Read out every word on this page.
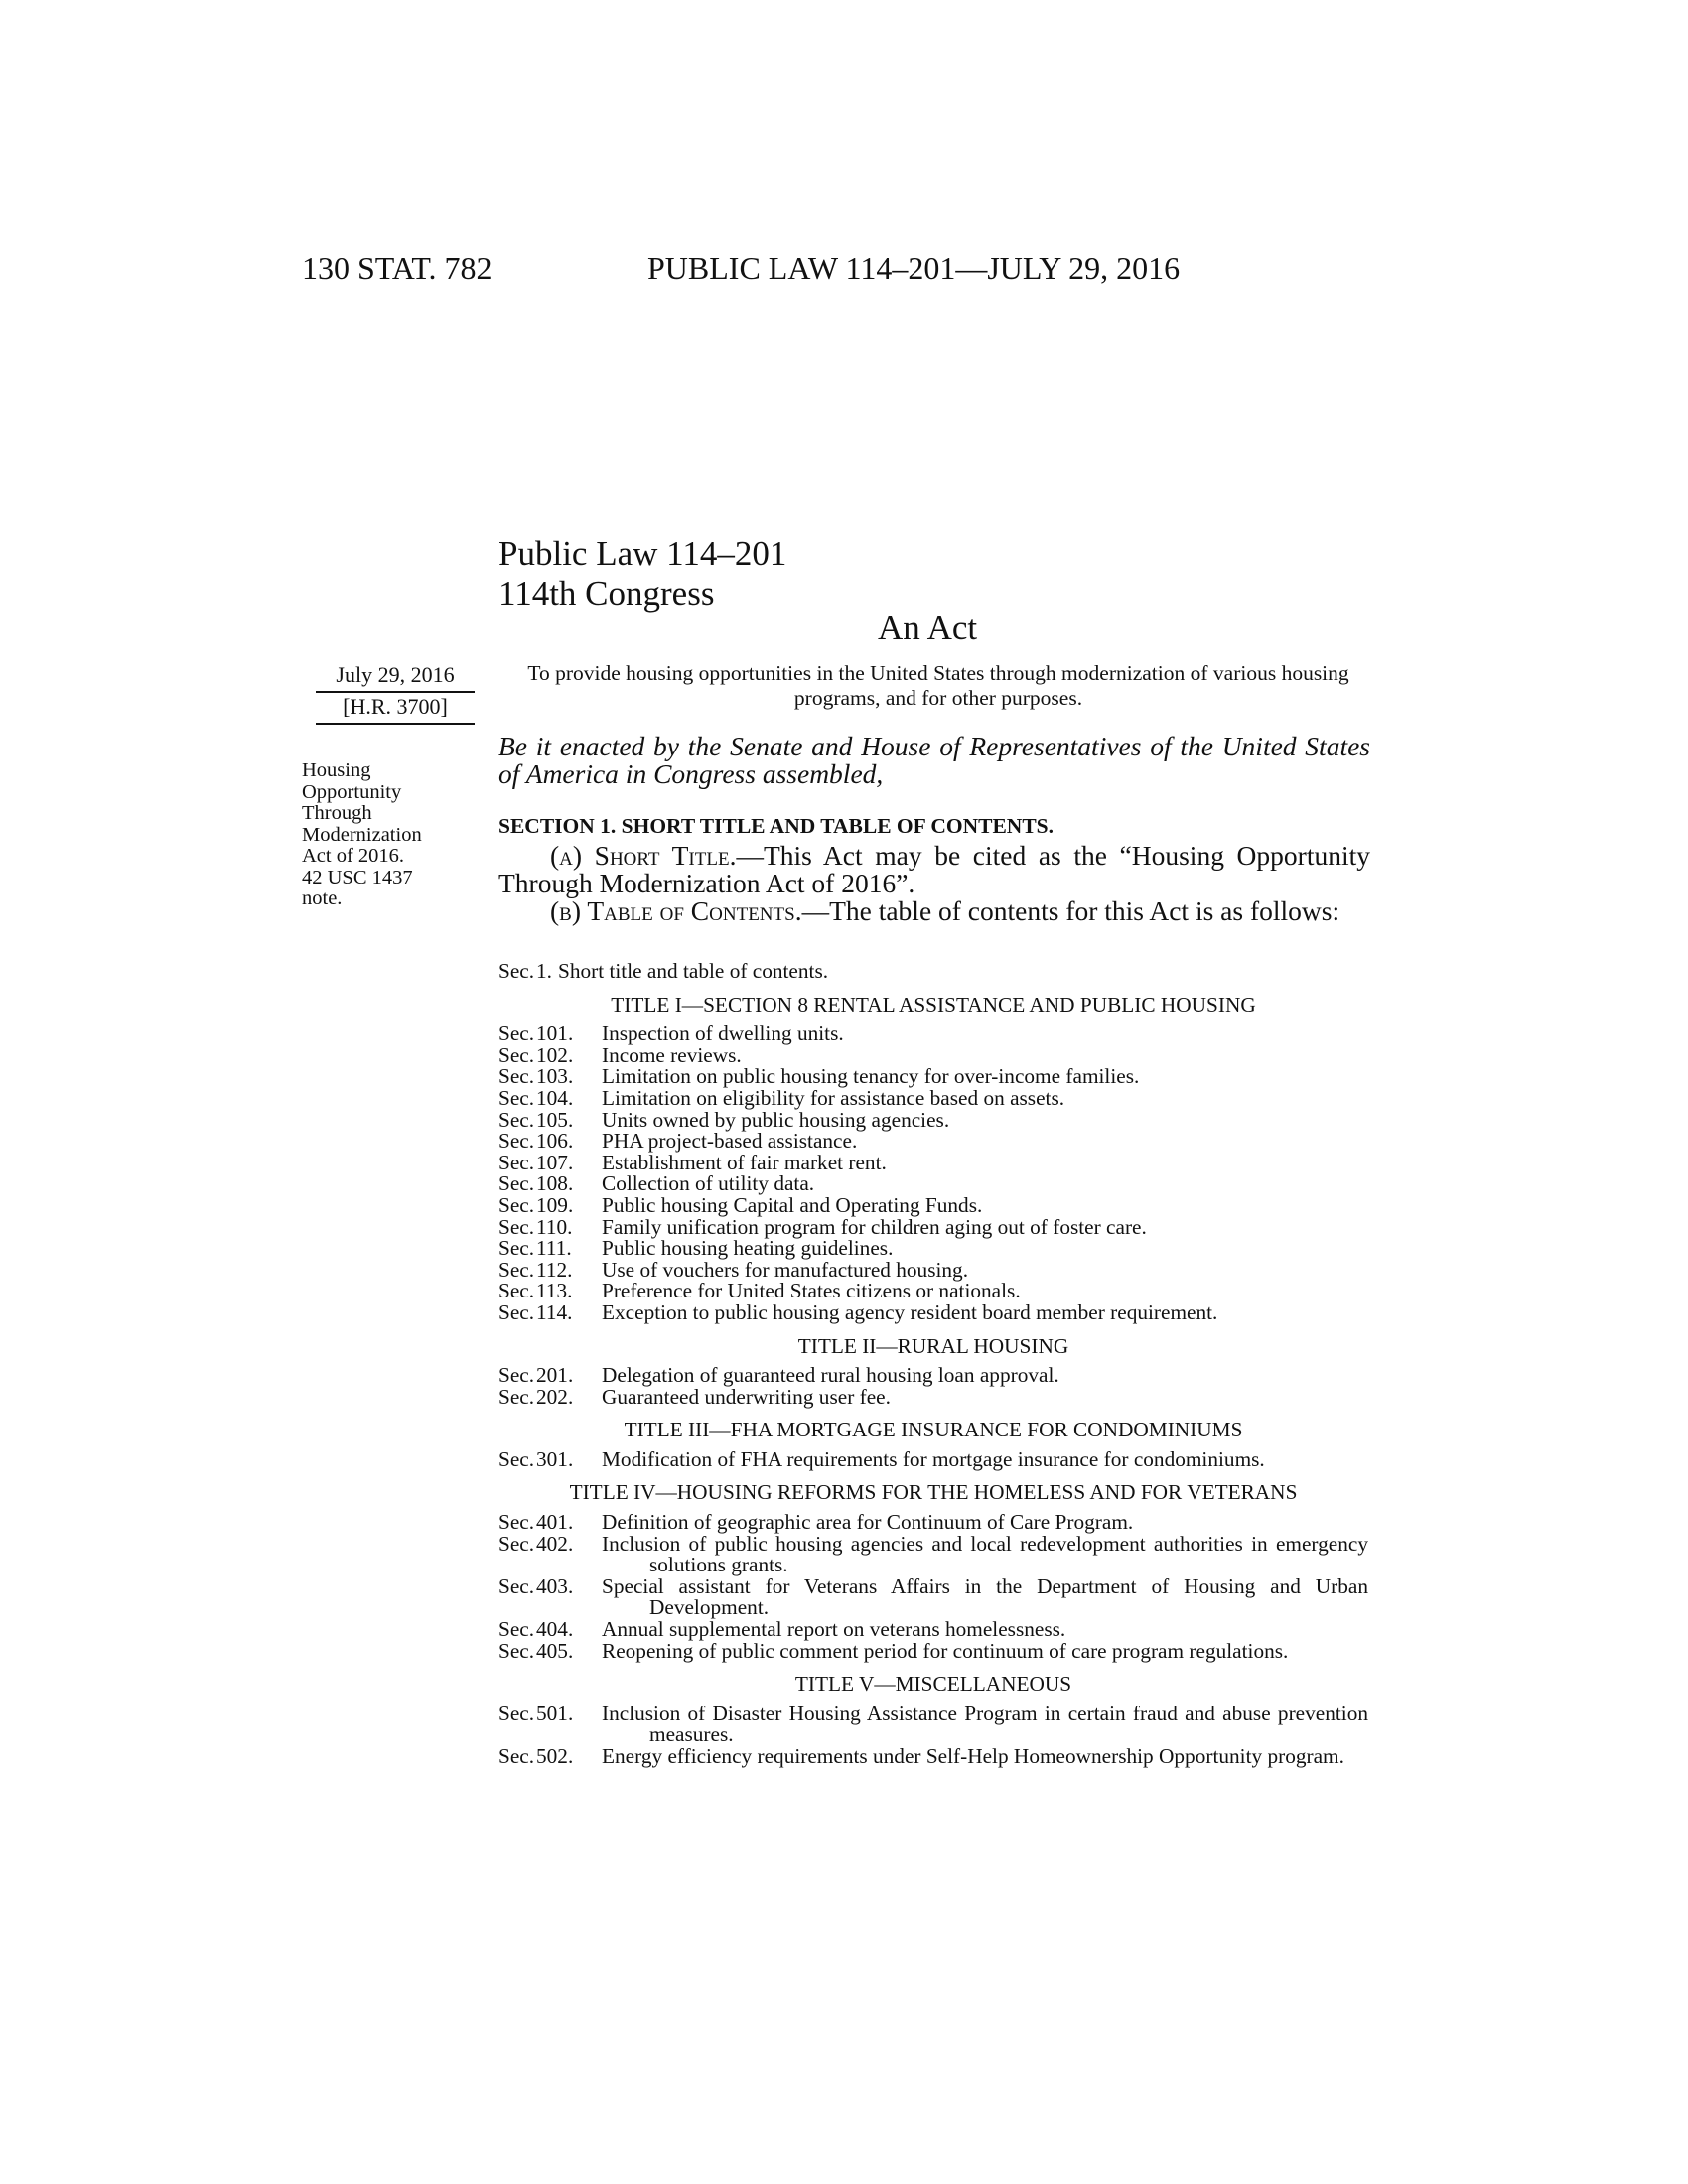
130 STAT. 782	PUBLIC LAW 114–201—JULY 29, 2016
Public Law 114–201
114th Congress
An Act
July 29, 2016
[H.R. 3700]
Housing
Opportunity
Through
Modernization
Act of 2016.
42 USC 1437
note.
To provide housing opportunities in the United States through modernization of various housing programs, and for other purposes.
Be it enacted by the Senate and House of Representatives of the United States of America in Congress assembled,
SECTION 1. SHORT TITLE AND TABLE OF CONTENTS.
(a) Short Title.—This Act may be cited as the “Housing Opportunity Through Modernization Act of 2016”.
(b) Table of Contents.—The table of contents for this Act is as follows:
Sec. 1. Short title and table of contents.
TITLE I—SECTION 8 RENTAL ASSISTANCE AND PUBLIC HOUSING
Sec. 101.	Inspection of dwelling units.
Sec. 102.	Income reviews.
Sec. 103.	Limitation on public housing tenancy for over-income families.
Sec. 104.	Limitation on eligibility for assistance based on assets.
Sec. 105.	Units owned by public housing agencies.
Sec. 106.	PHA project-based assistance.
Sec. 107.	Establishment of fair market rent.
Sec. 108.	Collection of utility data.
Sec. 109.	Public housing Capital and Operating Funds.
Sec. 110.	Family unification program for children aging out of foster care.
Sec. 111.	Public housing heating guidelines.
Sec. 112.	Use of vouchers for manufactured housing.
Sec. 113.	Preference for United States citizens or nationals.
Sec. 114.	Exception to public housing agency resident board member requirement.
TITLE II—RURAL HOUSING
Sec. 201.	Delegation of guaranteed rural housing loan approval.
Sec. 202.	Guaranteed underwriting user fee.
TITLE III—FHA MORTGAGE INSURANCE FOR CONDOMINIUMS
Sec. 301.	Modification of FHA requirements for mortgage insurance for condominiums.
TITLE IV—HOUSING REFORMS FOR THE HOMELESS AND FOR VETERANS
Sec. 401.	Definition of geographic area for Continuum of Care Program.
Sec. 402.	Inclusion of public housing agencies and local redevelopment authorities in emergency solutions grants.
Sec. 403.	Special assistant for Veterans Affairs in the Department of Housing and Urban Development.
Sec. 404.	Annual supplemental report on veterans homelessness.
Sec. 405.	Reopening of public comment period for continuum of care program regulations.
TITLE V—MISCELLANEOUS
Sec. 501.	Inclusion of Disaster Housing Assistance Program in certain fraud and abuse prevention measures.
Sec. 502.	Energy efficiency requirements under Self-Help Homeownership Opportunity program.
